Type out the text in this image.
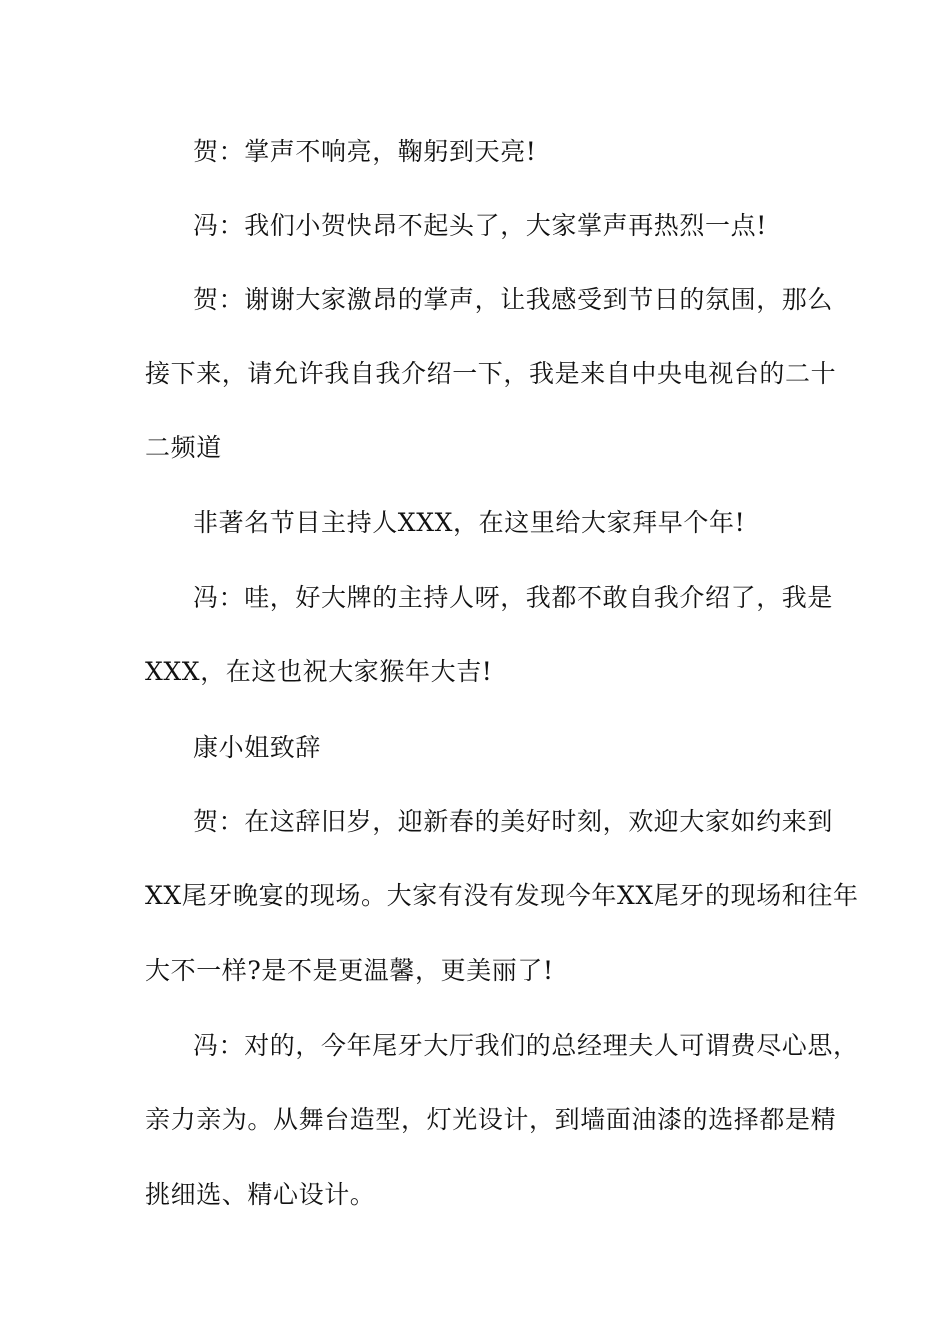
贺：掌声不响亮，鞠躬到天亮!
冯：我们小贺快昂不起头了，大家掌声再热烈一点!
贺：谢谢大家激昂的掌声，让我感受到节日的氛围，那么
接下来，请允许我自我介绍一下，我是来自中央电视台的二十
二频道
非著名节目主持人XXX，在这里给大家拜早个年!
冯：哇，好大牌的主持人呀，我都不敢自我介绍了，我是
XXX，在这也祝大家猴年大吉!
康小姐致辞
贺：在这辞旧岁，迎新春的美好时刻，欢迎大家如约来到
XX尾牙晚宴的现场。大家有没有发现今年XX尾牙的现场和往年
大不一样?是不是更温馨，更美丽了!
冯：对的，今年尾牙大厅我们的总经理夫人可谓费尽心思，
亲力亲为。从舞台造型，灯光设计，到墙面油漆的选择都是精
挑细选、精心设计。
